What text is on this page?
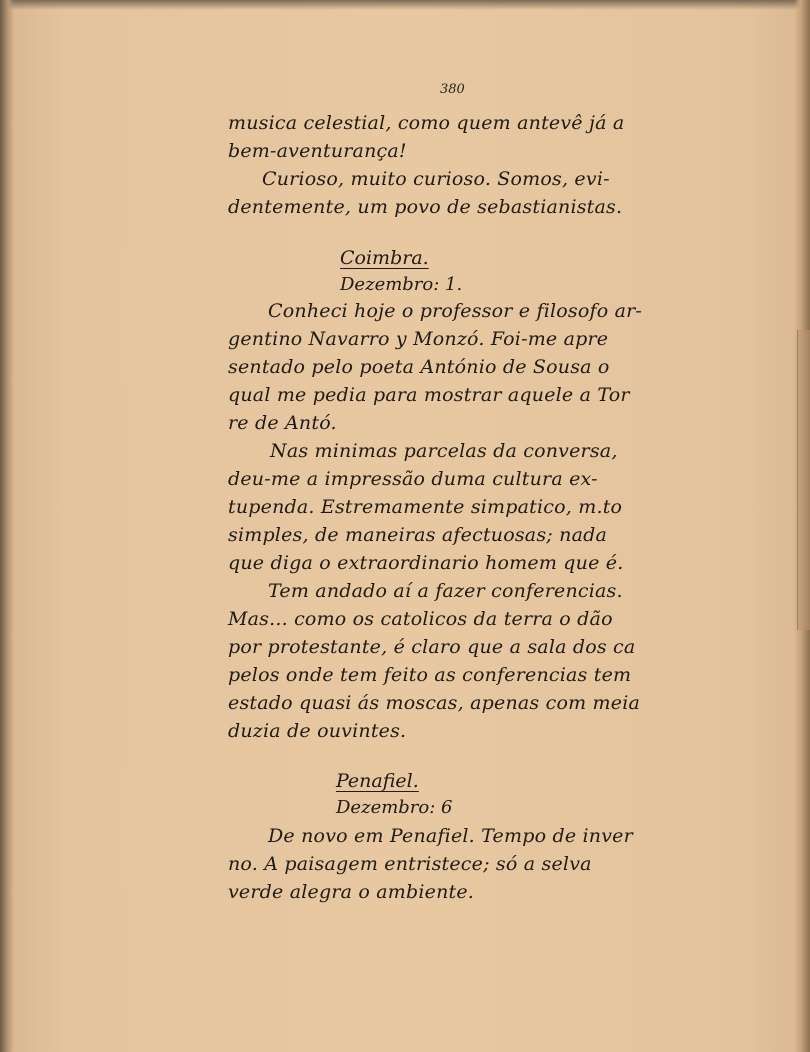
380
musica celestial, como quem antevê já a
bem-aventurança!
Curioso, muito curioso. Somos, evi-
dentemente, um povo de sebastianistas.
Coimbra.
Dezembro: 1.
Conheci hoje o professor e filosofo ar-
gentino Navarro y Monzó. Foi-me apre
sentado pelo poeta António de Sousa o
qual me pedia para mostrar aquele a Tor
re de Antó.
Nas minimas parcelas da conversa,
deu-me a impressão duma cultura ex-
tupenda. Estremamente simpatico, m.to
simples, de maneiras afectuosas; nada
que diga o extraordinario homem que é.
Tem andado aí a fazer conferencias.
Mas... como os catolicos da terra o dão
por protestante, é claro que a sala dos ca
pelos onde tem feito as conferencias tem
estado quasi ás moscas, apenas com meia
duzia de ouvintes.
Penafiel.
Dezembro: 6
De novo em Penafiel. Tempo de inver
no. A paisagem entristece; só a selva
verde alegra o ambiente.
